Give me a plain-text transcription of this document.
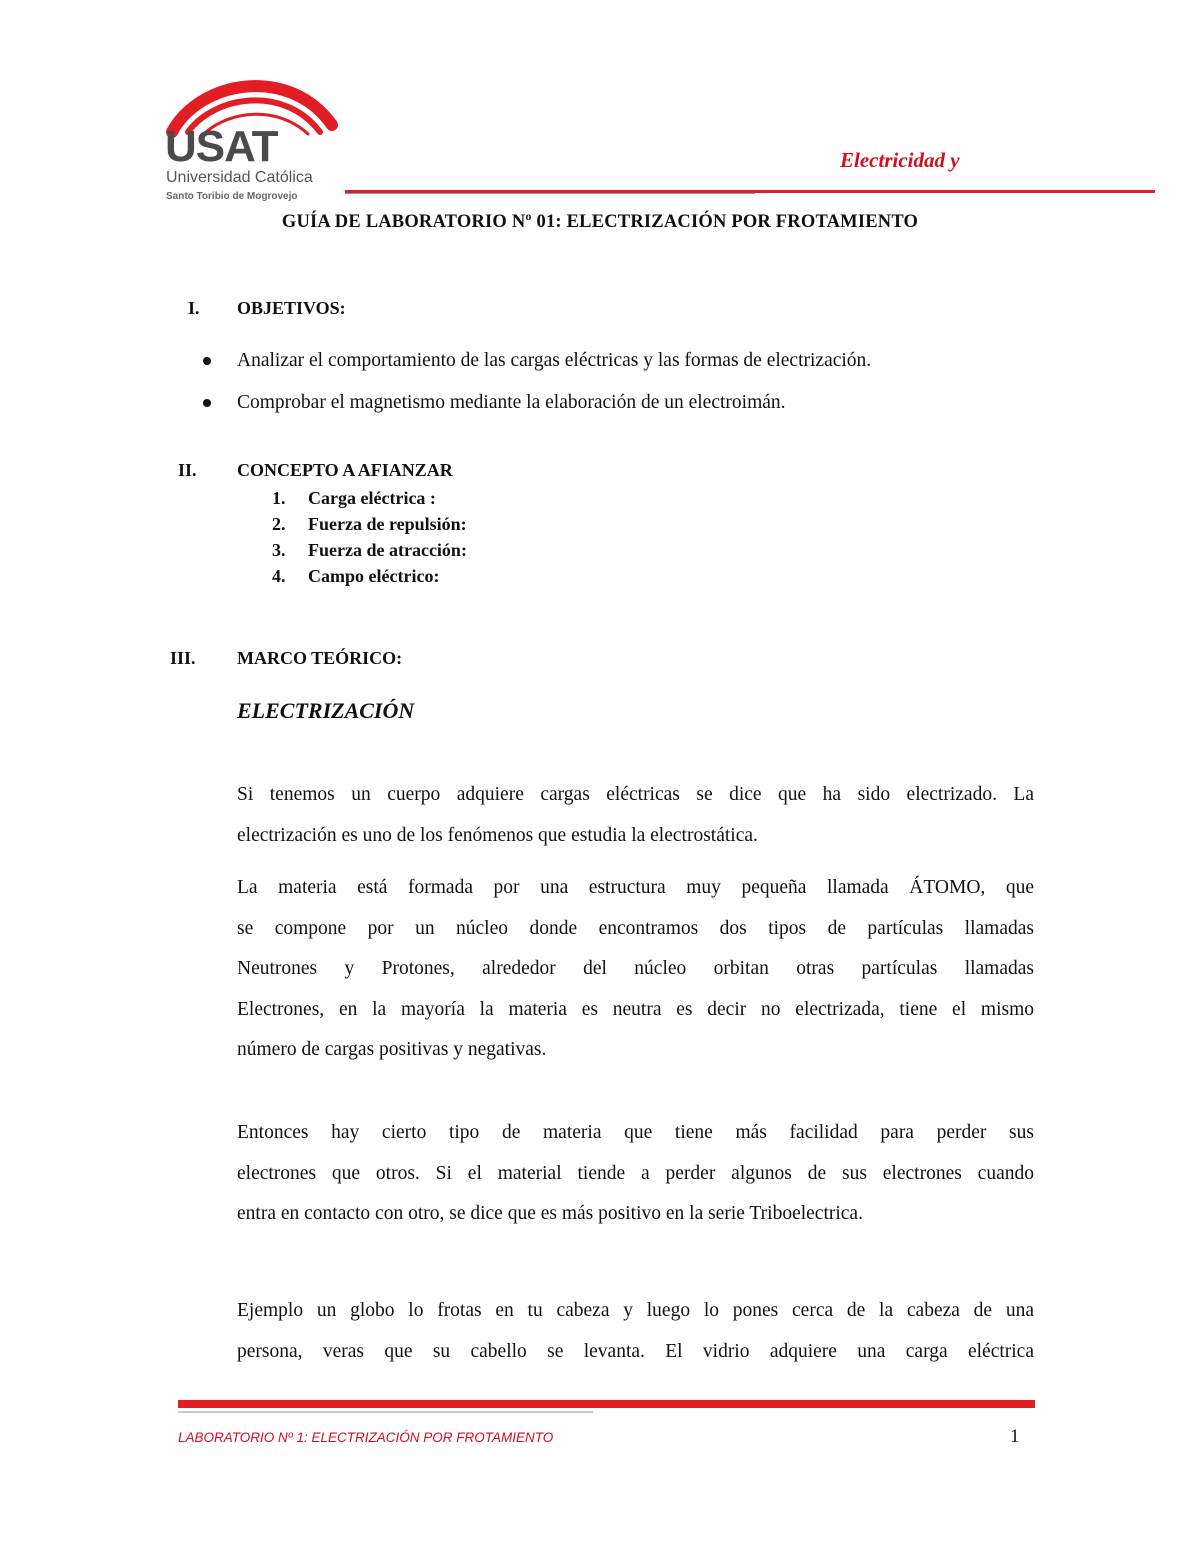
USAT
Universidad Católica
Santo Toribio de Mogrovejo
Electricidad y
GUÍA DE LABORATORIO Nº 01: ELECTRIZACIÓN POR FROTAMIENTO
I. OBJETIVOS:
Analizar el comportamiento de las cargas eléctricas y las formas de electrización.
Comprobar el magnetismo mediante la elaboración de un electroimán.
II. CONCEPTO A AFIANZAR
1. Carga eléctrica :
2. Fuerza de repulsión:
3. Fuerza de atracción:
4. Campo eléctrico:
III. MARCO TEÓRICO:
ELECTRIZACIÓN
Si tenemos un cuerpo adquiere cargas eléctricas se dice que ha sido electrizado. La
electrización es uno de los fenómenos que estudia la electrostática.
La materia está formada por una estructura muy pequeña llamada ÁTOMO, que
se compone por un núcleo donde encontramos dos tipos de partículas llamadas
Neutrones y Protones, alrededor del núcleo orbitan otras partículas llamadas
Electrones, en la mayoría la materia es neutra es decir no electrizada, tiene el mismo
número de cargas positivas y negativas.
Entonces hay cierto tipo de materia que tiene más facilidad para perder sus
electrones que otros. Si el material tiende a perder algunos de sus electrones cuando
entra en contacto con otro, se dice que es más positivo en la serie Triboelectrica.
Ejemplo un globo lo frotas en tu cabeza y luego lo pones cerca de la cabeza de una
persona, veras que su cabello se levanta. El vidrio adquiere una carga eléctrica
LABORATORIO Nº 1: ELECTRIZACIÓN POR FROTAMIENTO	1
